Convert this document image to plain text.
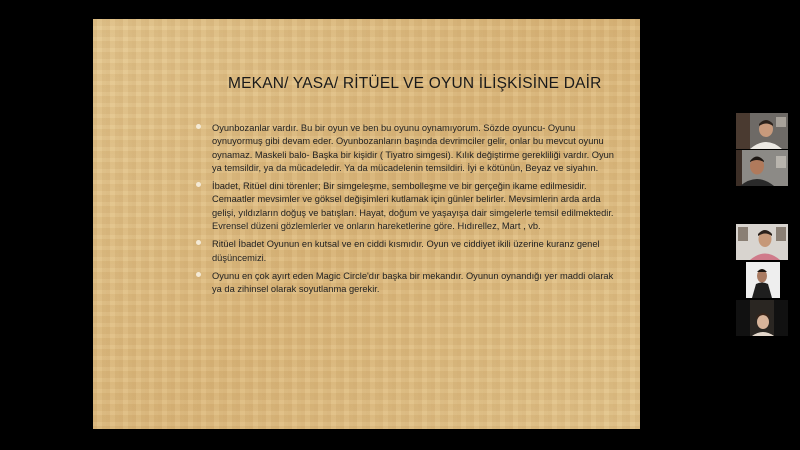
MEKAN/ YASA/ RİTÜEL VE OYUN İLİŞKİSİNE DAİR
Oyunbozanlar vardır. Bu bir oyun ve ben bu oyunu oynamıyorum. Sözde oyuncu- Oyunu oynuyormuş gibi devam eder. Oyunbozanların başında devrimciler gelir, onlar bu mevcut oyunu oynamaz. Maskeli balo- Başka bir kişidir ( Tiyatro simgesi). Kılık değiştirme gerekliliği vardır. Oyun ya temsildir, ya da mücadeledir. Ya da mücadelenin temsildiri. İyi e kötünün, Beyaz ve siyahın.
İbadet, Ritüel dini törenler; Bir simgeleşme, sembolleşme ve bir gerçeğin ikame edilmesidir. Cemaatler mevsimler ve göksel değişimleri kutlamak için günler belirler. Mevsimlerin arda arda gelişi, yıldızların doğuş ve batışları. Hayat, doğum ve yaşayışa dair simgelerle temsil edilmektedir. Evrensel düzeni gözlemlerler ve onların hareketlerine göre. Hıdırellez, Mart , vb.
Ritüel İbadet Oyunun en kutsal ve en ciddi kısmıdır. Oyun ve ciddiyet ikili üzerine kuranz genel düşüncemizi.
Oyunu en çok ayırt eden Magic Circle'dır başka bir mekandır. Oyunun oynandığı yer maddi olarak ya da zihinsel olarak soyutlanma gerekir.
